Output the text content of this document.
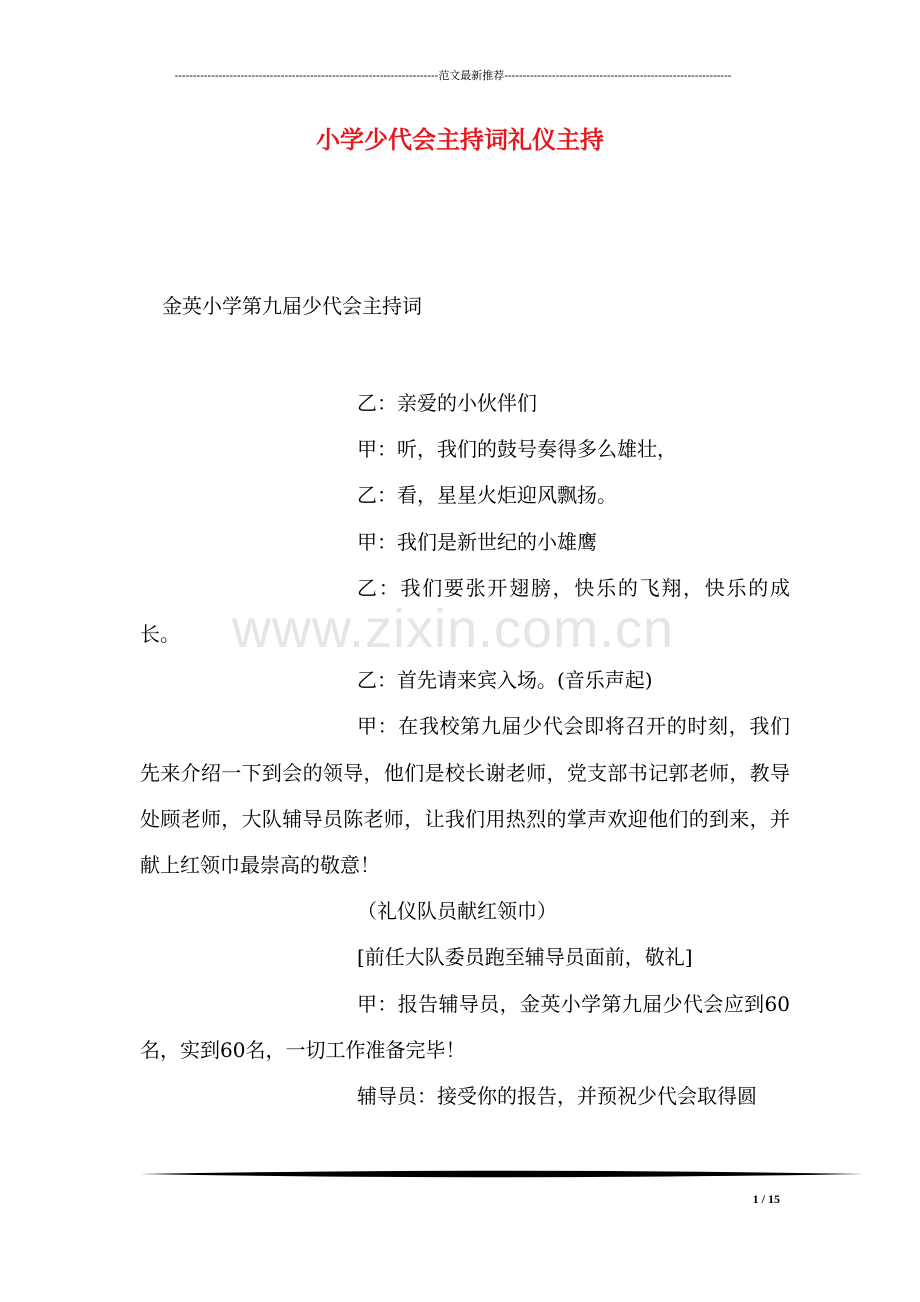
------------------------------------------------------------------------范文最新推荐--------------------------------------------------------------
小学少代会主持词礼仪主持
金英小学第九届少代会主持词

乙：亲爱的小伙伴们

甲：听，我们的鼓号奏得多么雄壮，

乙：看，星星火炬迎风飘扬。

甲：我们是新世纪的小雄鹰

乙：我们要张开翅膀，快乐的飞翔，快乐的成长。

乙：首先请来宾入场。(音乐声起)

甲：在我校第九届少代会即将召开的时刻，我们先来介绍一下到会的领导，他们是校长谢老师，党支部书记郭老师，教导处顾老师，大队辅导员陈老师，让我们用热烈的掌声欢迎他们的到来，并献上红领巾最崇高的敬意！

（礼仪队员献红领巾）

[前任大队委员跑至辅导员面前，敬礼]

甲：报告辅导员，金英小学第九届少代会应到60名，实到60名，一切工作准备完毕！

辅导员：接受你的报告，并预祝少代会取得圆

www.zixin.com.cn
1 / 15
